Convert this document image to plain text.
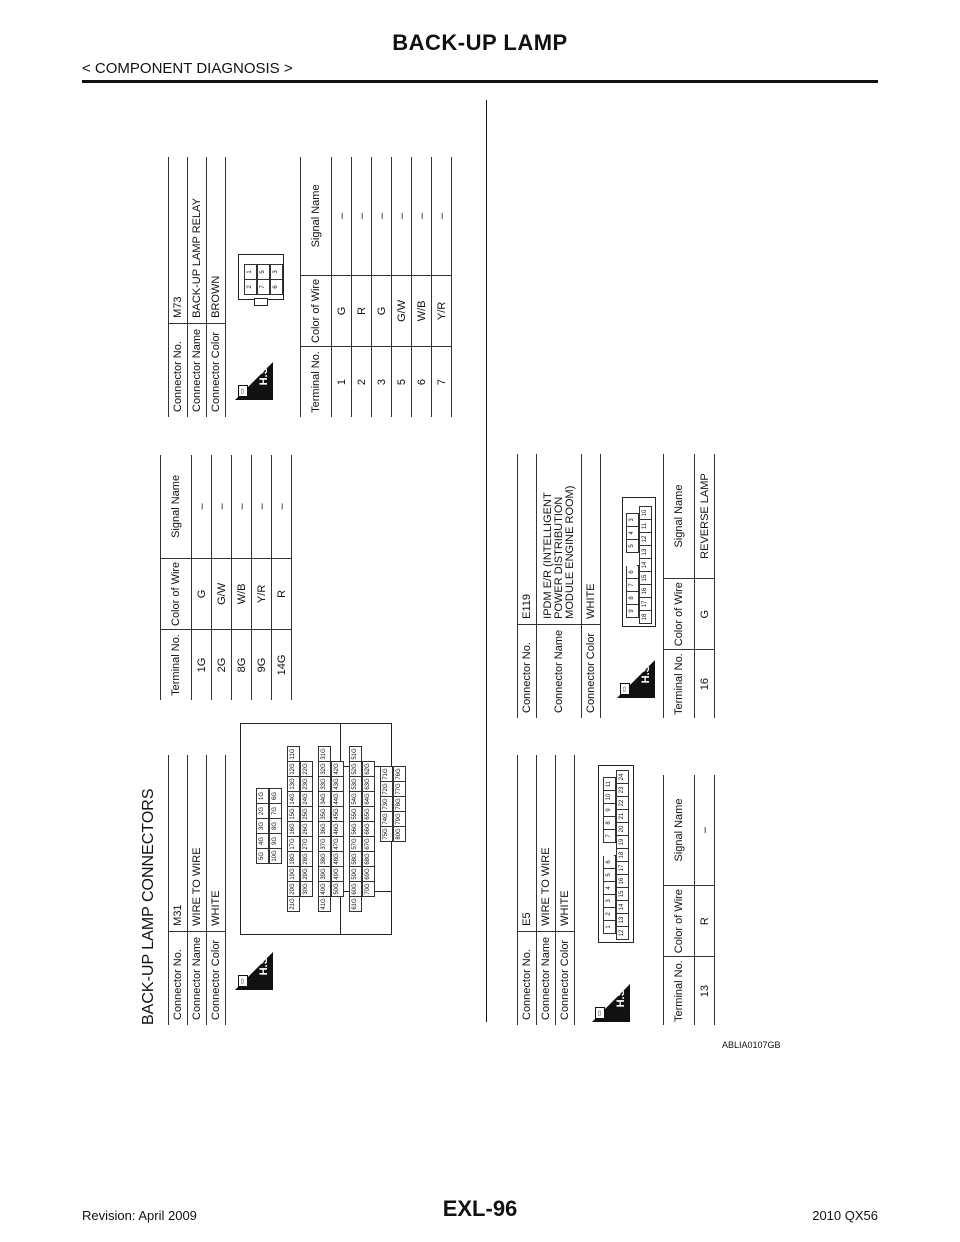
BACK-UP LAMP
< COMPONENT DIAGNOSIS >
BACK-UP LAMP CONNECTORS Connector No.	M31
Connector Name	WIRE TO WIRE
Connector Color	WHITE
▭
H.S.
5G
4G
3G
2G
1G
10G
9G
8G
7G
6G
21G
20G
19G
18G
17G
16G
15G
14G
13G
12G
11G
30G
29G
28G
27G
26G
25G
24G
23G
22G
41G
40G
39G
38G
37G
36G
35G
34G
33G
32G
31G
50G
49G
48G
47G
46G
45G
44G
43G
42G
61G
60G
59G
58G
57G
56G
55G
54G
53G
52G
51G
70G
69G
68G
67G
66G
65G
64G
63G
62G
75G
74G
73G
72G
71G
80G
79G
78G
77G
76G
Terminal No.	Color of Wire	Signal Name
1G	G	–
2G	G/W	–
8G	W/B	–
9G	Y/R	–
14G	R	–
Connector No.	M73
Connector Name	BACK-UP LAMP RELAY
Connector Color	BROWN
▭
H.S.
2
1
7
5
6
3
Terminal No.	Color of Wire	Signal Name
1	G	–
2	R	–
3	G	–
5	G/W	–
6	W/B	–
7	Y/R	–
Connector No.	E5
Connector Name	WIRE TO WIRE
Connector Color	WHITE
▭
H.S.
1
2
3
4
5
6
7
8
9
10
11
12
13
14
15
16
17
18
19
20
21
22
23
24
Terminal No.	Color of Wire	Signal Name
13	R	–
Connector No.	E119
Connector Name	IPDM E/R (INTELLIGENT POWER DISTRIBUTION MODULE ENGINE ROOM)

Connector Color	WHITE
▭
H.S.
9
8
7
6
5
4
3
18
17
16
15
14
13
12
11
10
Terminal No.	Color of Wire	Signal Name
16	G	REVERSE LAMP
ABLIA0107GB
Revision: April 2009	EXL-96	2010 QX56
